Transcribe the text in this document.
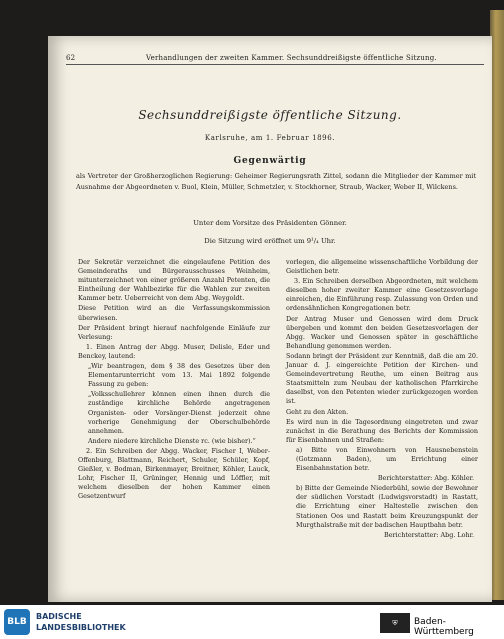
62	Verhandlungen der zweiten Kammer. Sechsunddreißigste öffentliche Sitzung.
Sechsunddreißigste öffentliche Sitzung.
Karlsruhe, am 1. Februar 1896.
Gegenwärtig
als Vertreter der Großherzoglichen Regierung: Geheimer Regierungsrath Zittel, sodann die Mitglieder der Kammer mit Ausnahme der Abgeordneten v. Buol, Klein, Müller, Schmetzler, v. Stockhorner, Straub, Wacker, Weber II, Wilckens.
Unter dem Vorsitze des Präsidenten Gönner.
Die Sitzung wird eröffnet um 9¹/₄ Uhr.

Der Sekretär verzeichnet die eingelaufene Petition des Gemeinderaths und Bürgerausschusses Weinheim, mitunterzeichnet von einer größeren Anzahl Petenten, die Eintheilung der Wahlbezirke für die Wahlen zur zweiten Kammer betr. Ueberreicht von dem Abg. Weygoldt.

Diese Petition wird an die Verfassungskommission überwiesen.

Der Präsident bringt hierauf nachfolgende Einläufe zur Verlesung:

1. Einen Antrag der Abgg. Muser, Delisle, Eder und Benckey, lautend:

„Wir beantragen, dem § 38 des Gesetzes über den Elementarunterricht vom 13. Mai 1892 folgende Fassung zu geben:

„Volksschullehrer können einen ihnen durch die zuständige kirchliche Behörde angetragenen Organisten- oder Vorsänger-Dienst jederzeit ohne vorherige Genehmigung der Oberschulbehörde annehmen.

Andere niedere kirchliche Dienste rc. (wie bisher).“

2. Ein Schreiben der Abgg. Wacker, Fischer I, Weber-Offenburg, Blattmann, Reichert, Schuler, Schüler, Kopf, Gießler, v. Bodman, Birkenmayer, Breitner, Köhler, Lauck, Lohr, Fischer II, Grüninger, Hennig und Löffler, mit welchem dieselben der hohen Kammer einen Gesetzentwurf

vorlegen, die allgemeine wissenschaftliche Vorbildung der Geistlichen betr.

3. Ein Schreiben derselben Abgeordneten, mit welchem dieselben hoher zweiter Kammer eine Gesetzesvorlage einreichen, die Einführung resp. Zulassung von Orden und ordensähnlichen Kongregationen betr.

Der Antrag Muser und Genossen wird dem Druck übergeben und kommt den beiden Gesetzesvorlagen der Abgg. Wacker und Genossen später in geschäftliche Behandlung genommen werden.

Sodann bringt der Präsident zur Kenntniß, daß die am 20. Januar d. J. eingereichte Petition der Kirchen- und Gemeindevertretung Reuthe, um einen Beitrag aus Staatsmitteln zum Neubau der katholischen Pfarrkirche daselbst, von den Petenten wieder zurückgezogen worden ist.

Geht zu den Akten.

Es wird nun in die Tagesordnung eingetreten und zwar zunächst in die Berathung des Berichts der Kommission für Eisenbahnen und Straßen:

a) Bitte von Einwohnern von Hausnebenstein (Gotzmann Baden), um Errichtung einer Eisenbahnstation betr.

Berichterstatter: Abg. Köhler.

b) Bitte der Gemeinde Niederbühl, sowie der Bewohner der südlichen Vorstadt (Ludwigsvorstadt) in Rastatt, die Errichtung einer Haltestelle zwischen den Stationen Oos und Rastatt beim Kreuzungspunkt der Murgthalstraße mit der badischen Hauptbahn betr.

Berichterstatter: Abg. Lohr.

BLB
BADISCHE
LANDESBIBLIOTHEK	⛨	Baden-Württemberg
